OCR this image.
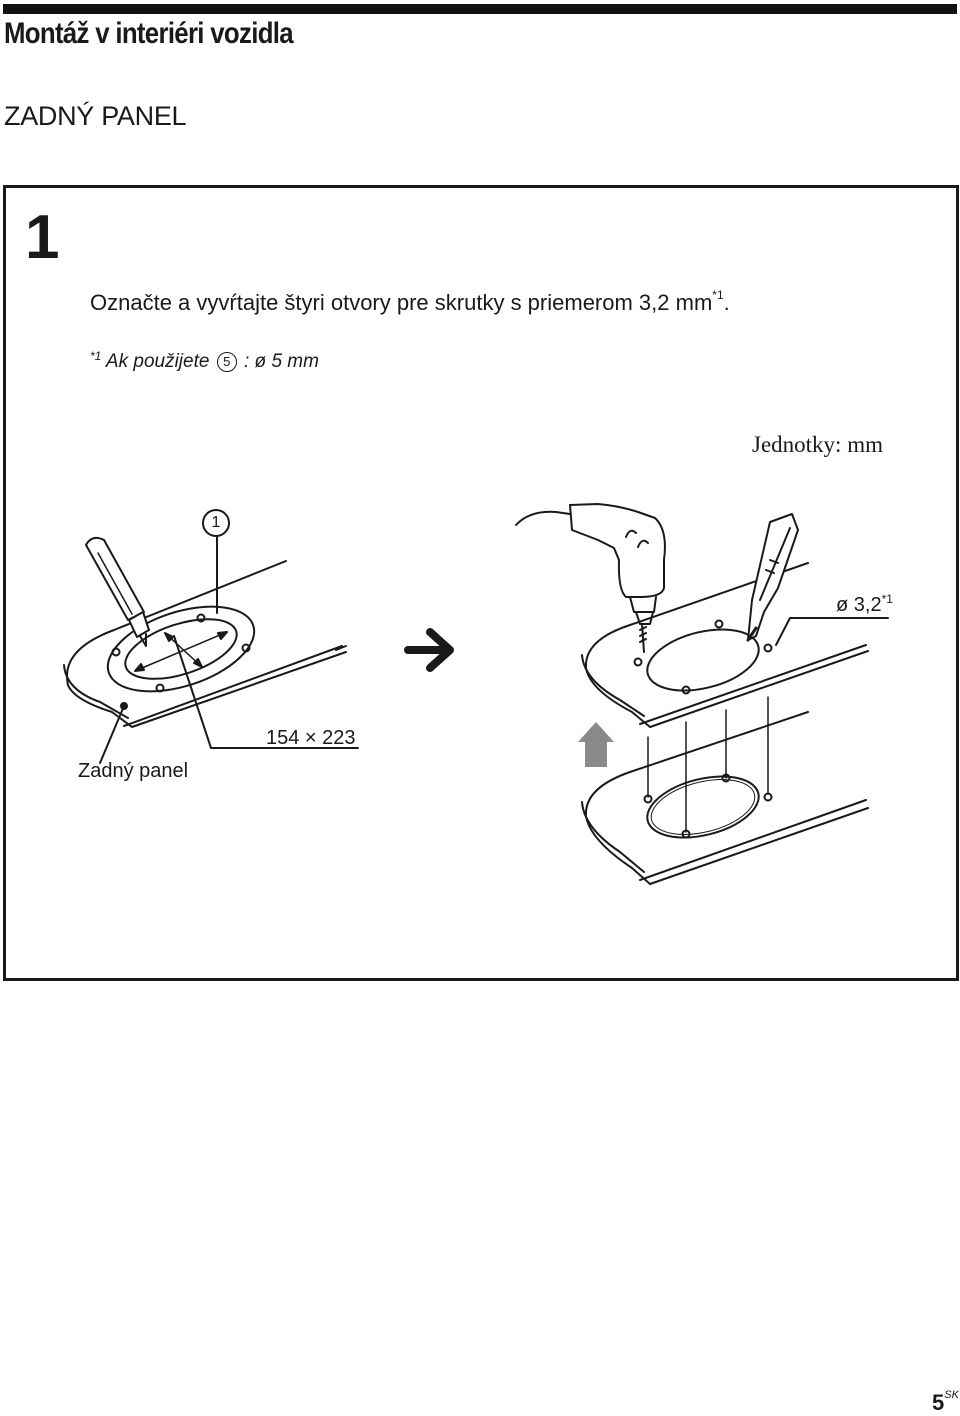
Montáž v interiéri vozidla
ZADNÝ PANEL
1
Označte a vyvŕtajte štyri otvory pre skrutky s priemerom 3,2 $mm^{*1}$.
$^{*1}$ Ak použijete 5 : ø 5 mm
Jednotky: mm
1
Zadný panel
154 × 223
ø 3,2$^{*1}$
$5^{SK}$
